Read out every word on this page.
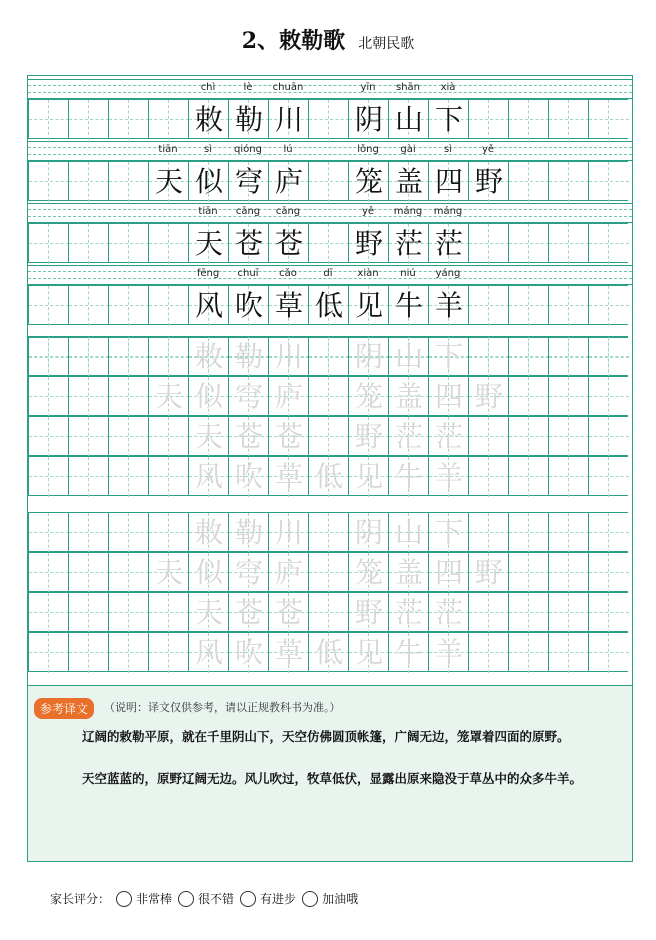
2、敕勒歌 北朝民歌
chì	lè	chuān	yīn	shān	xià
敕 勒 川 阴 山 下
tiān	sì	qióng	lú	lǒng	gài	sì	yě
天 似 穹 庐 笼 盖 四 野
tiān	cāng	cāng	yě	máng	máng
天 苍 苍 野 茫 茫
fēng	chuī	cǎo	dī	xiàn	niú	yáng
风 吹 草 低 见 牛 羊
敕 勒 川 阴 山 下
天 似 穹 庐 笼 盖 四 野
天 苍 苍 野 茫 茫
风 吹 草 低 见 牛 羊
敕 勒 川 阴 山 下
天 似 穹 庐 笼 盖 四 野
天 苍 苍 野 茫 茫
风 吹 草 低 见 牛 羊
参考译文	（说明：译文仅供参考，请以正规教科书为准。）
辽阔的敕勒平原，就在千里阴山下，天空仿佛圆顶帐篷，广阔无边，笼罩着四面的原野。
天空蓝蓝的，原野辽阔无边。风儿吹过，牧草低伏，显露出原来隐没于草丛中的众多牛羊。
家长评分： 非常棒 很不错 有进步 加油哦
